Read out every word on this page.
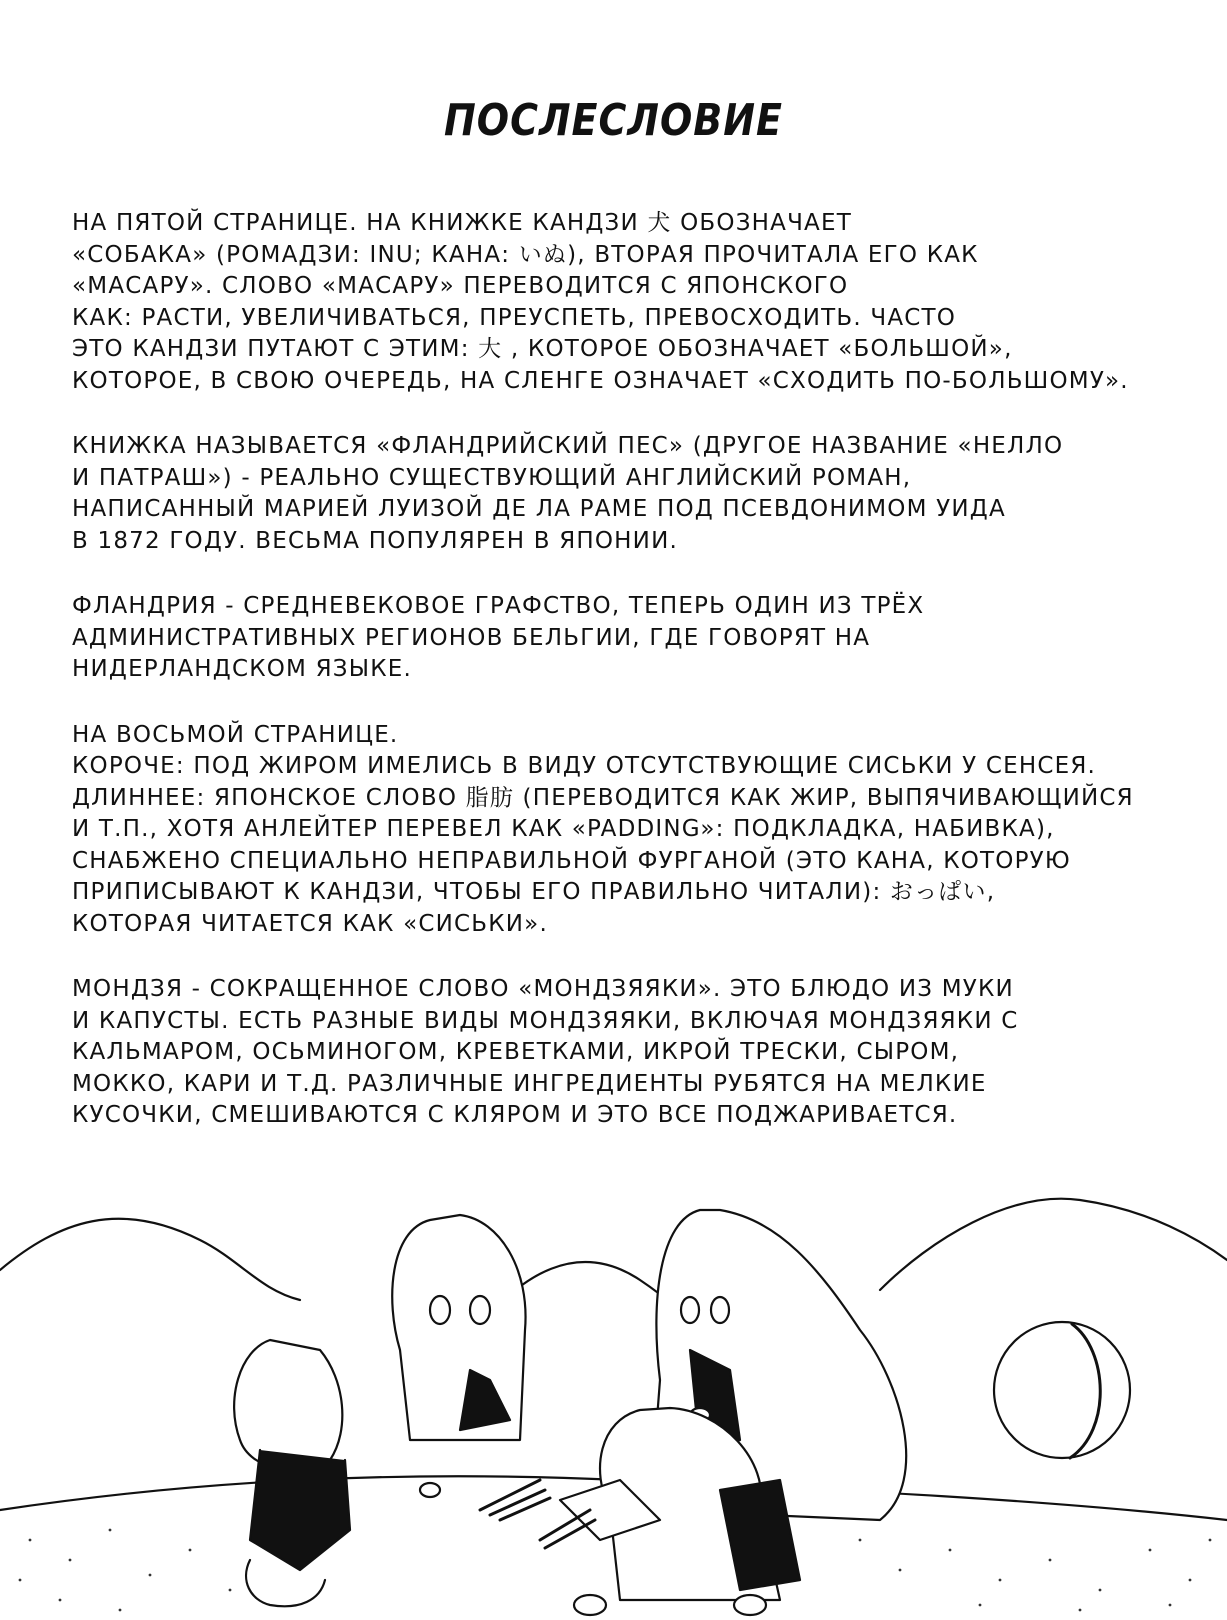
ПОСЛЕСЛОВИЕ
НА ПЯТОЙ СТРАНИЦЕ. НА КНИЖКЕ КАНДЗИ 犬 ОБОЗНАЧАЕТ
«СОБАКА» (РОМАДЗИ: INU; КАНА: いぬ), ВТОРАЯ ПРОЧИТАЛА ЕГО КАК
«МАСАРУ». СЛОВО «МАСАРУ» ПЕРЕВОДИТСЯ С ЯПОНСКОГО
КАК: РАСТИ, УВЕЛИЧИВАТЬСЯ, ПРЕУСПЕТЬ, ПРЕВОСХОДИТЬ. ЧАСТО
ЭТО КАНДЗИ ПУТАЮТ С ЭТИМ: 大 , КОТОРОЕ ОБОЗНАЧАЕТ «БОЛЬШОЙ»,
КОТОРОЕ, В СВОЮ ОЧЕРЕДЬ, НА СЛЕНГЕ ОЗНАЧАЕТ «СХОДИТЬ ПО-БОЛЬШОМУ».
КНИЖКА НАЗЫВАЕТСЯ «ФЛАНДРИЙСКИЙ ПЕС» (ДРУГОЕ НАЗВАНИЕ «НЕЛЛО
И ПАТРАШ») - РЕАЛЬНО СУЩЕСТВУЮЩИЙ АНГЛИЙСКИЙ РОМАН,
НАПИСАННЫЙ МАРИЕЙ ЛУИЗОЙ ДЕ ЛА РАМЕ ПОД ПСЕВДОНИМОМ УИДА
В 1872 ГОДУ. ВЕСЬМА ПОПУЛЯРЕН В ЯПОНИИ.
ФЛАНДРИЯ - СРЕДНЕВЕКОВОЕ ГРАФСТВО, ТЕПЕРЬ ОДИН ИЗ ТРЁХ
АДМИНИСТРАТИВНЫХ РЕГИОНОВ БЕЛЬГИИ, ГДЕ ГОВОРЯТ НА
НИДЕРЛАНДСКОМ ЯЗЫКЕ.
НА ВОСЬМОЙ СТРАНИЦЕ.
КОРОЧЕ: ПОД ЖИРОМ ИМЕЛИСЬ В ВИДУ ОТСУТСТВУЮЩИЕ СИСЬКИ У СЕНСЕЯ.
ДЛИННЕЕ: ЯПОНСКОЕ СЛОВО 脂肪 (ПЕРЕВОДИТСЯ КАК ЖИР, ВЫПЯЧИВАЮЩИЙСЯ
И Т.П., ХОТЯ АНЛЕЙТЕР ПЕРЕВЕЛ КАК «PADDING»: ПОДКЛАДКА, НАБИВКА),
СНАБЖЕНО СПЕЦИАЛЬНО НЕПРАВИЛЬНОЙ ФУРГАНОЙ (ЭТО КАНА, КОТОРУЮ
ПРИПИСЫВАЮТ К КАНДЗИ, ЧТОБЫ ЕГО ПРАВИЛЬНО ЧИТАЛИ): おっぱい,
КОТОРАЯ ЧИТАЕТСЯ КАК «СИСЬКИ».
МОНДЗЯ - СОКРАЩЕННОЕ СЛОВО «МОНДЗЯЯКИ». ЭТО БЛЮДО ИЗ МУКИ
И КАПУСТЫ. ЕСТЬ РАЗНЫЕ ВИДЫ МОНДЗЯЯКИ, ВКЛЮЧАЯ МОНДЗЯЯКИ С
КАЛЬМАРОМ, ОСЬМИНОГОМ, КРЕВЕТКАМИ, ИКРОЙ ТРЕСКИ, СЫРОМ,
МОККО, КАРИ И Т.Д. РАЗЛИЧНЫЕ ИНГРЕДИЕНТЫ РУБЯТСЯ НА МЕЛКИЕ
КУСОЧКИ, СМЕШИВАЮТСЯ С КЛЯРОМ И ЭТО ВСЕ ПОДЖАРИВАЕТСЯ.
